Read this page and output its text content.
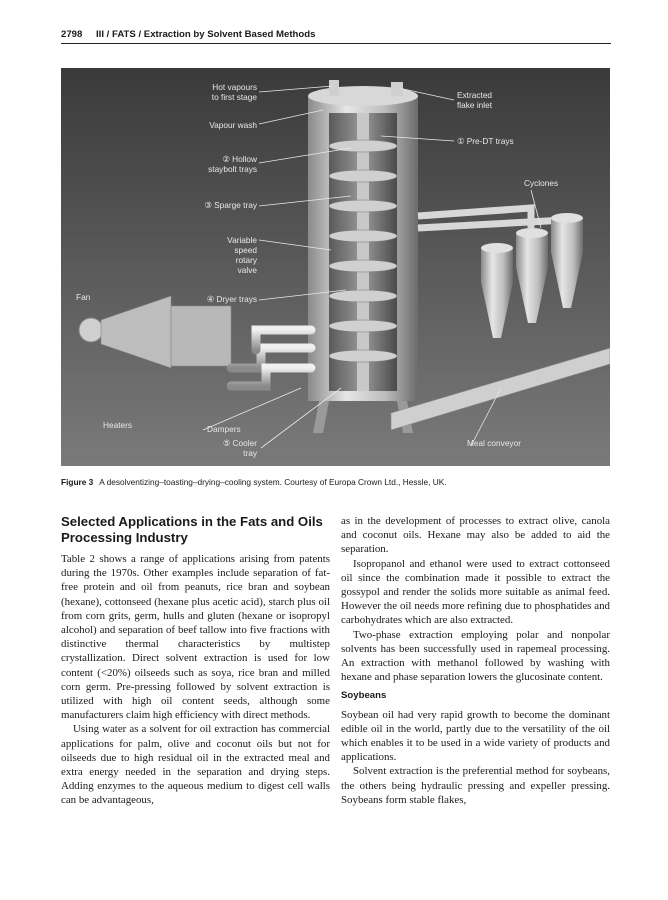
2798 III / FATS / Extraction by Solvent Based Methods
Hot vapours
to first stage
Vapour wash
② Hollow
staybolt trays
③ Sparge tray
Variable
speed
rotary
valve
④ Dryer trays
Fan
Heaters	Dampers
⑤ Cooler
tray
Extracted
flake inlet
① Pre-DT trays
Cyclones
Meal conveyor
Figure 3 A desolventizing–toasting–drying–cooling system. Courtesy of Europa Crown Ltd., Hessle, UK.
Selected Applications in the Fats and Oils Processing Industry

Table 2 shows a range of applications arising from patents during the 1970s. Other examples include separation of fat-free protein and oil from peanuts, rice bran and soybean (hexane), cottonseed (hexane plus acetic acid), starch plus oil from corn grits, germ, hulls and gluten (hexane or isopropyl alcohol) and separation of beef tallow into five fractions with distinctive thermal characteristics by multistep crystallization. Direct solvent extraction is used for low content (<20%) oilseeds such as soya, rice bran and milled corn germ. Pre-pressing followed by solvent extraction is utilized with high oil content seeds, although some manufacturers claim high efficiency with direct methods.

Using water as a solvent for oil extraction has commercial applications for palm, olive and coconut oils but not for oilseeds due to high residual oil in the extracted meal and extra energy needed in the separation and drying steps. Adding enzymes to the aqueous medium to digest cell walls can be advantageous,

as in the development of processes to extract olive, canola and coconut oils. Hexane may also be added to aid the separation.

Isopropanol and ethanol were used to extract cottonseed oil since the combination made it possible to extract the gossypol and render the solids more suitable as animal feed. However the oil needs more refining due to phosphatides and carbohydrates which are also extracted.

Two-phase extraction employing polar and nonpolar solvents has been successfully used in rapemeal processing. An extraction with methanol followed by washing with hexane and phase separation lowers the glucosinate content.

Soybeans

Soybean oil had very rapid growth to become the dominant edible oil in the world, partly due to the versatility of the oil which enables it to be used in a wide variety of products and applications.

Solvent extraction is the preferential method for soybeans, the others being hydraulic pressing and expeller pressing. Soybeans form stable flakes,
